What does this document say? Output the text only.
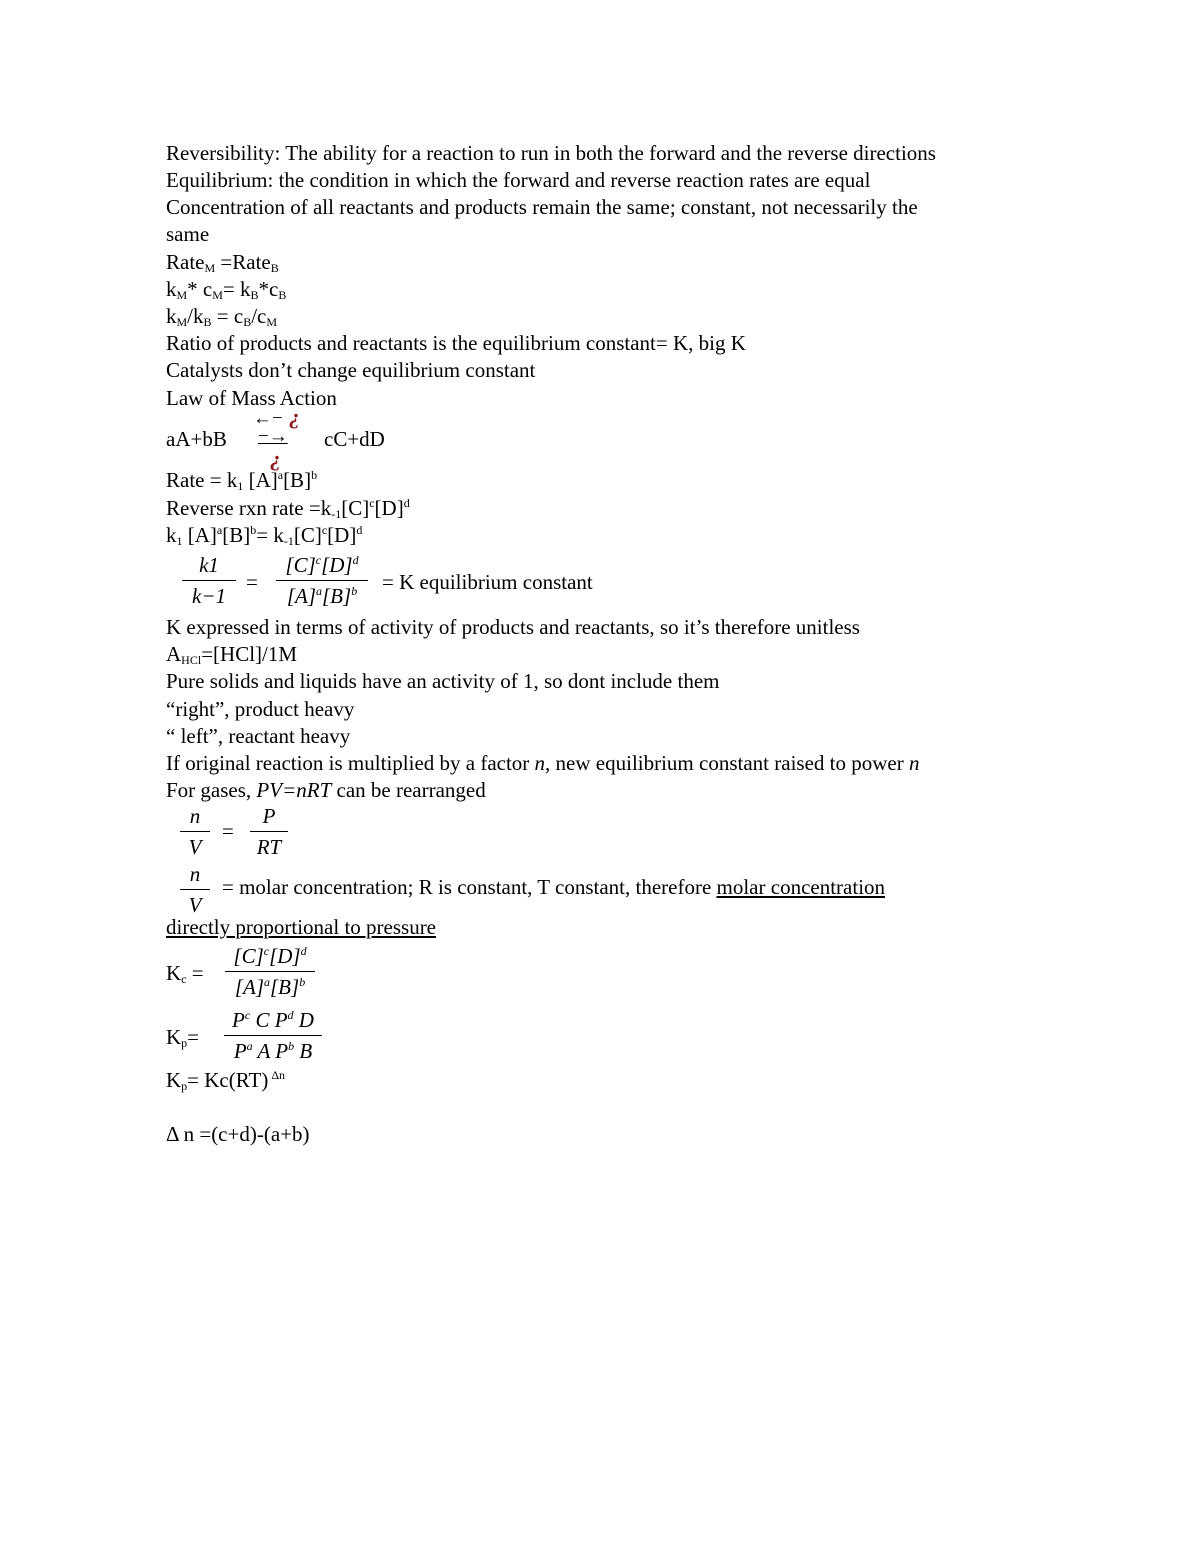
Reversibility: The ability for a reaction to run in both the forward and the reverse directions
Equilibrium: the condition in which the forward and reverse reaction rates are equal
Concentration of all reactants and products remain the same; constant, not necessarily the
same
Rate$_M$ =Rate$_B$
$k_M*$ $c_M= k_B*c_B$
$k_M/k_B = c_B/c_M$
Ratio of products and reactants is the equilibrium constant= K, big K
Catalysts don’t change equilibrium constant
Law of Mass Action
aA+bB
←− ¿
−→
¿
cC+dD
Rate = $k_1$ $[A]^a[B]^b$
Reverse rxn rate $=k_{-1}[C]^c[D]^d$
$k_1$ $[A]^a[B]^b= k_{-1}[C]^c[D]^d$
k1
k−1
=
$[C]^c[D]^d$
$[A]^a[B]^b$	= K equilibrium constant
K expressed in terms of activity of products and reactants, so it’s therefore unitless
$A_{HCl}=[HCl]/1M$
Pure solids and liquids have an activity of 1, so dont include them
“right”, product heavy
“ left”, reactant heavy
If original reaction is multiplied by a factor n, new equilibrium constant raised to power n
For gases, PV=nRT can be rearranged
n
V
=
P
RT
n
V
= molar concentration; R is constant, T constant, therefore molar concentration
directly proportional to pressure
$K_c$ =
$[C]^c[D]^d$
$[A]^a[B]^b$
$K_p=$
$P^c$ C $P^d$ D
$P^a$ A $P^b$ B
$K_p= Kc(RT)$ $^{\Delta n}$
Δ n =(c+d)-(a+b)
